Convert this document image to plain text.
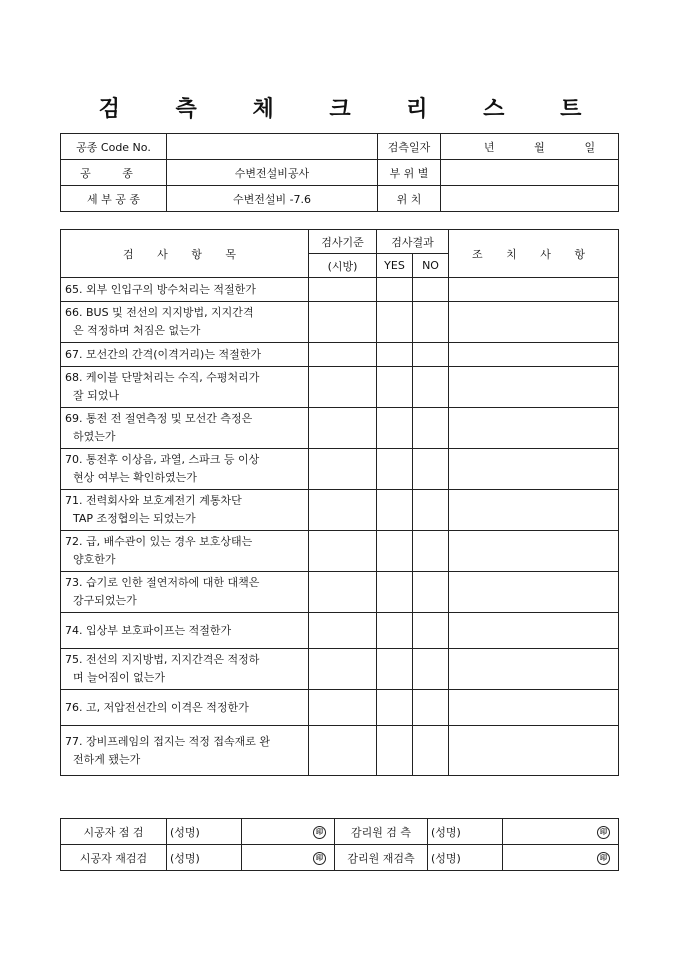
검 측 체 크 리 스 트
공종 Code No.		검측일자	년 월 일

공 종	수변전설비공사	부 위 별	
세 부 공 종	수변전설비 -7.6	위 치	
검 사 항 목	검사기준	검사결과		조 치 사 항
	(시방)	YES	NO	

65. 외부 인입구의 방수처리는 적절한가				

66. BUS 및 전선의 지지방법, 지지간격
은 적정하며 처짐은 없는가				

67. 모선간의 간격(이격거리)는 적절한가				

68. 케이블 단말처리는 수직, 수평처리가
잘 되었나				

69. 통전 전 절연측정 및 모선간 측정은
하였는가				

70. 통전후 이상음, 과열, 스파크 등 이상
현상 여부는 확인하였는가				

71. 전력회사와 보호계전기 계통차단
TAP 조정협의는 되었는가				

72. 급, 배수관이 있는 경우 보호상태는
양호한가				

73. 습기로 인한 절연저하에 대한 대책은
강구되었는가				

74. 입상부 보호파이프는 적절한가				

75. 전선의 지지방법, 지지간격은 적정하
며 늘어짐이 없는가				

76. 고, 저압전선간의 이격은 적정한가				

77. 장비프레임의 접지는 적정 접속재로 완
전하게 됐는가				

시공자 점 검	(성명)	印	감리원 검 측	(성명)	印
시공자 재검검	(성명)	印	감리원 재검측	(성명)	印
